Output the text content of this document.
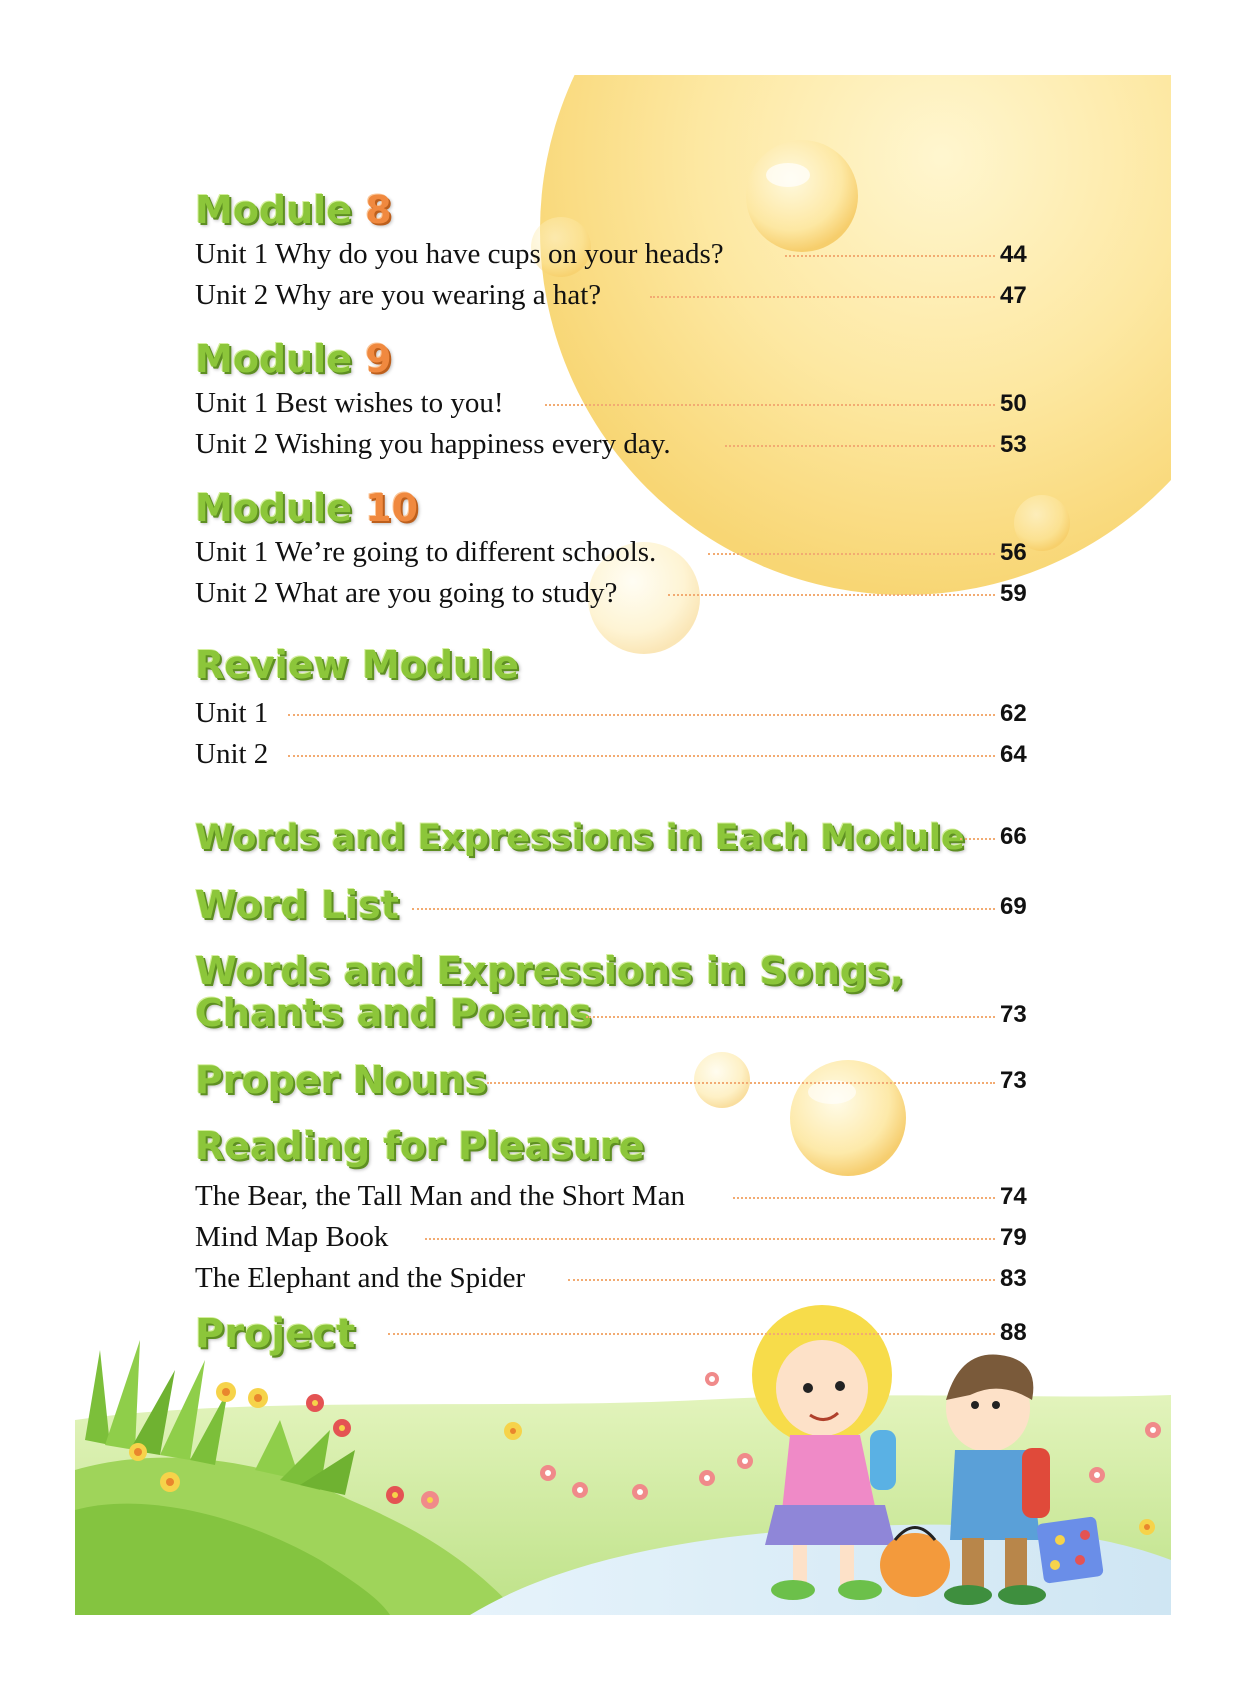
Module 8
Unit 1 Why do you have cups on your heads?	44
Unit 2 Why are you wearing a hat?	47
Module 9
Unit 1 Best wishes to you!	50
Unit 2 Wishing you happiness every day.	53
Module 10
Unit 1 We’re going to different schools.	56
Unit 2 What are you going to study?	59
Review Module
Unit 1	62
Unit 2	64
Words and Expressions in Each Module 66
Word List	69
Words and Expressions in Songs,
Chants and Poems	73
Proper Nouns	73
Reading for Pleasure
The Bear, the Tall Man and the Short Man	74
Mind Map Book	79
The Elephant and the Spider	83
Project	88
